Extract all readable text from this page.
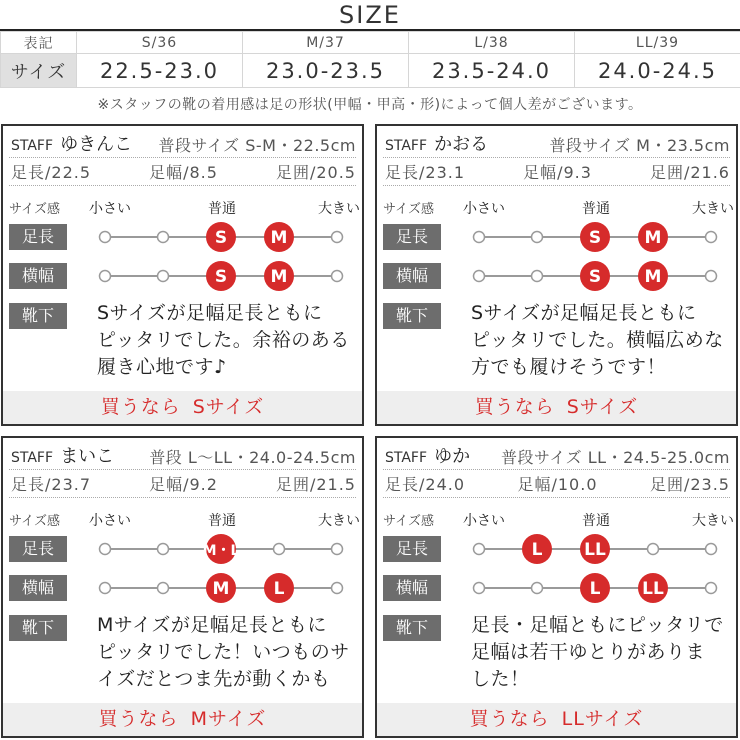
SIZE
表記	S/36	M/37	L/38	LL/39
サイズ	22.5-23.0	23.0-23.5	23.5-24.0	24.0-24.5
※スタッフの靴の着用感は足の形状(甲幅・甲高・形)によって個人差がございます。
STAFF ゆきんこ 普段サイズ S-M・22.5cm
足長/22.5	足幅/8.5	足囲/20.5
サイズ感 小さい	普通	大きい
足長	S	M
横幅	S	M
靴下	Sサイズが足幅足長ともに
ピッタリでした。余裕のある
履き心地です♪
買うなら Sサイズ
STAFF かおる	普段サイズ M・23.5cm
足長/23.1	足幅/9.3	足囲/21.6
サイズ感 小さい	普通	大きい
足長	S	M
横幅	S	M
靴下	Sサイズが足幅足長ともに
ピッタリでした。横幅広めな
方でも履けそうです！
買うなら Sサイズ
STAFF まいこ 普段 L〜LL・24.0-24.5cm
足長/23.7	足幅/9.2	足囲/21.5
サイズ感 小さい	普通	大きい
足長	M・L
横幅	M	L
靴下	Mサイズが足幅足長ともに
ピッタリでした！いつものサ
イズだとつま先が動くかも
買うなら Mサイズ
STAFF ゆか 普段サイズ LL・24.5-25.0cm
足長/24.0	足幅/10.0	足囲/23.5
サイズ感 小さい	普通	大きい
足長	L LL
横幅	L LL
靴下	足長・足幅ともにピッタリで
足幅は若干ゆとりがありま
した！
買うなら LLサイズ
